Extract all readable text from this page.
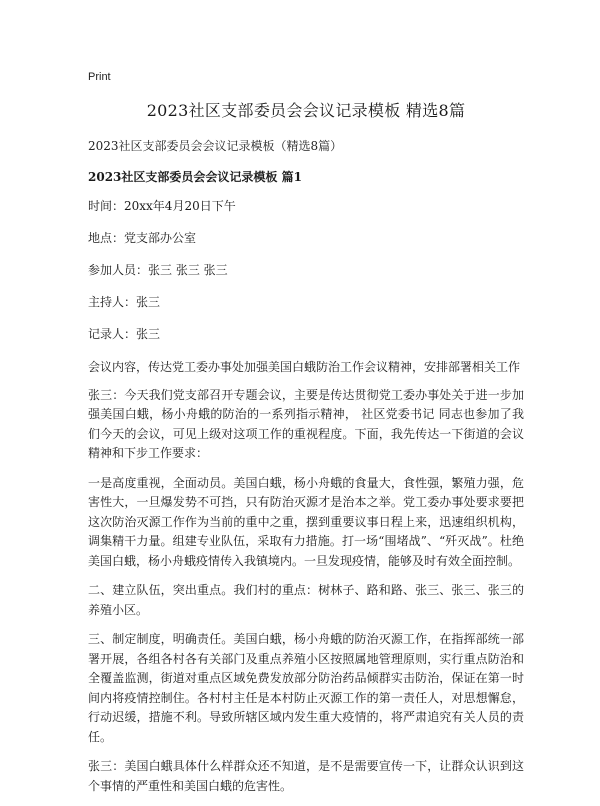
Print
2023社区支部委员会会议记录模板 精选8篇
2023社区支部委员会会议记录模板（精选8篇）
2023社区支部委员会会议记录模板 篇1
时间：20xx年4月20日下午
地点：党支部办公室
参加人员：张三 张三 张三
主持人：张三
记录人：张三

会议内容，传达党工委办事处加强美国白蛾防治工作会议精神，安排部署相关工作

张三：今天我们党支部召开专题会议，主要是传达贯彻党工委办事处关于进一步加强美国白蛾，杨小舟蛾的防治的一系列指示精神， 社区党委书记 同志也参加了我们今天的会议，可见上级对这项工作的重视程度。下面，我先传达一下街道的会议精神和下步工作要求：

一是高度重视，全面动员。美国白蛾，杨小舟蛾的食量大，食性强，繁殖力强，危害性大，一旦爆发势不可挡，只有防治灭源才是治本之举。党工委办事处要求要把这次防治灭源工作作为当前的重中之重，摆到重要议事日程上来，迅速组织机构，调集精干力量。组建专业队伍，采取有力措施。打一场“围堵战”、“歼灭战”。杜绝美国白蛾，杨小舟蛾疫情传入我镇境内。一旦发现疫情，能够及时有效全面控制。

二、建立队伍，突出重点。我们村的重点：树林子、路和路、张三、张三、张三的养殖小区。

三、制定制度，明确责任。美国白蛾，杨小舟蛾的防治灭源工作，在指挥部统一部署开展，各组各村各有关部门及重点养殖小区按照属地管理原则，实行重点防治和全覆盖监测，街道对重点区域免费发放部分防治药品倾群实击防治，保证在第一时间内将疫情控制住。各村村主任是本村防止灭源工作的第一责任人，对思想懈怠，行动迟缓，措施不利。导致所辖区域内发生重大疫情的，将严肃追究有关人员的责任。

张三：美国白蛾具体什么样群众还不知道，是不是需要宣传一下，让群众认识到这个事情的严重性和美国白蛾的危害性。
